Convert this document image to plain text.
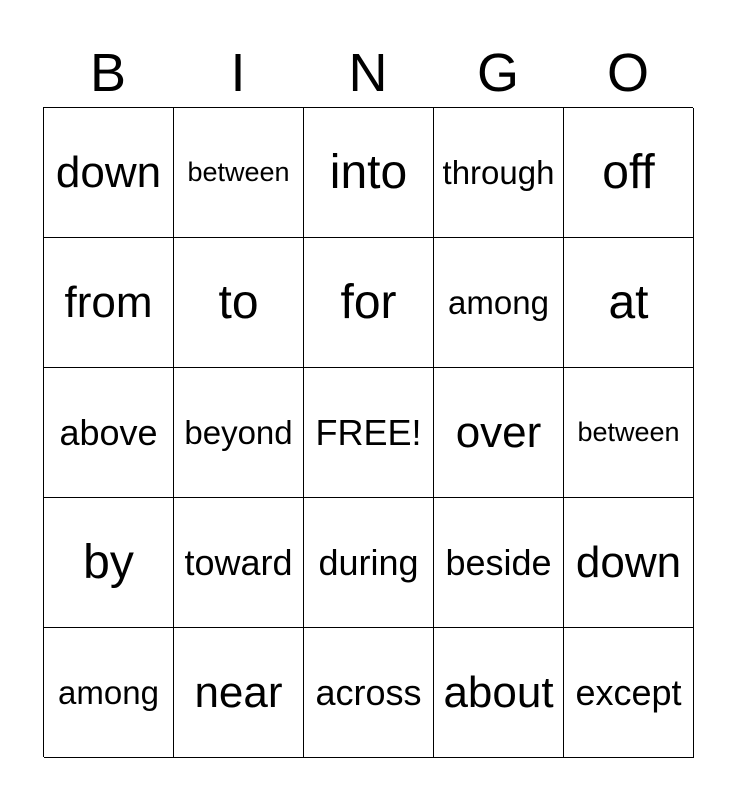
B	I	N	G	O
down between into through off
from to for among at
above beyond FREE! over between
by toward during beside down
among near across about except
